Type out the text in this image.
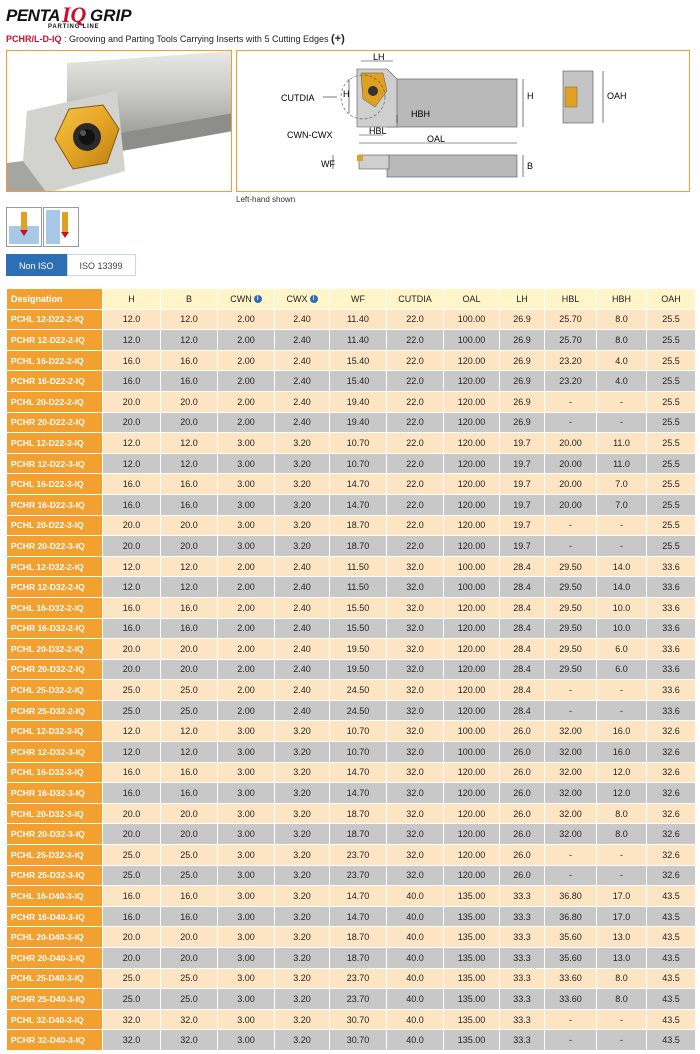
PENTA IQ GRIP
PARTING LINE
PCHR/L-D-IQ : Grooving and Parting Tools Carrying Inserts with 5 Cutting Edges (+)
LH
CUTDIA	H
HBH
CWN-CWX	HBL
OAL
H
WF	B
OAH
Left-hand shown
Non ISO	ISO 13399
Designation	H	B	CWN i	CWX i	WF	CUTDIA	OAL	LH	HBL	HBH	OAH
PCHL 12-D22-2-IQ	12.0	12.0	2.00	2.40	11.40	22.0	100.00	26.9	25.70	8.0	25.5
PCHR 12-D22-2-IQ	12.0	12.0	2.00	2.40	11.40	22.0	100.00	26.9	25.70	8.0	25.5
PCHL 16-D22-2-IQ	16.0	16.0	2.00	2.40	15.40	22.0	120.00	26.9	23.20	4.0	25.5
PCHR 16-D22-2-IQ	16.0	16.0	2.00	2.40	15.40	22.0	120.00	26.9	23.20	4.0	25.5
PCHL 20-D22-2-IQ	20.0	20.0	2.00	2.40	19.40	22.0	120.00	26.9	-	-	25.5
PCHR 20-D22-2-IQ	20.0	20.0	2.00	2.40	19.40	22.0	120.00	26.9	-	-	25.5
PCHL 12-D22-3-IQ	12.0	12.0	3.00	3.20	10.70	22.0	120.00	19.7	20.00	11.0	25.5
PCHR 12-D22-3-IQ	12.0	12.0	3.00	3.20	10.70	22.0	120.00	19.7	20.00	11.0	25.5
PCHL 16-D22-3-IQ	16.0	16.0	3.00	3.20	14.70	22.0	120.00	19.7	20.00	7.0	25.5
PCHR 16-D22-3-IQ	16.0	16.0	3.00	3.20	14.70	22.0	120.00	19.7	20.00	7.0	25.5
PCHL 20-D22-3-IQ	20.0	20.0	3.00	3.20	18.70	22.0	120.00	19.7	-	-	25.5
PCHR 20-D22-3-IQ	20.0	20.0	3.00	3.20	18.70	22.0	120.00	19.7	-	-	25.5
PCHL 12-D32-2-IQ	12.0	12.0	2.00	2.40	11.50	32.0	100.00	28.4	29.50	14.0	33.6
PCHR 12-D32-2-IQ	12.0	12.0	2.00	2.40	11.50	32.0	100.00	28.4	29.50	14.0	33.6
PCHL 16-D32-2-IQ	16.0	16.0	2.00	2.40	15.50	32.0	120.00	28.4	29.50	10.0	33.6
PCHR 16-D32-2-IQ	16.0	16.0	2.00	2.40	15.50	32.0	120.00	28.4	29.50	10.0	33.6
PCHL 20-D32-2-IQ	20.0	20.0	2.00	2.40	19.50	32.0	120.00	28.4	29.50	6.0	33.6
PCHR 20-D32-2-IQ	20.0	20.0	2.00	2.40	19.50	32.0	120.00	28.4	29.50	6.0	33.6
PCHL 25-D32-2-IQ	25.0	25.0	2.00	2.40	24.50	32.0	120.00	28.4	-	-	33.6
PCHR 25-D32-2-IQ	25.0	25.0	2.00	2.40	24.50	32.0	120.00	28.4	-	-	33.6
PCHL 12-D32-3-IQ	12.0	12.0	3.00	3.20	10.70	32.0	100.00	26.0	32.00	16.0	32.6
PCHR 12-D32-3-IQ	12.0	12.0	3.00	3.20	10.70	32.0	100.00	26.0	32.00	16.0	32.6
PCHL 16-D32-3-IQ	16.0	16.0	3.00	3.20	14.70	32.0	120.00	26.0	32.00	12.0	32.6
PCHR 16-D32-3-IQ	16.0	16.0	3.00	3.20	14.70	32.0	120.00	26.0	32.00	12.0	32.6
PCHL 20-D32-3-IQ	20.0	20.0	3.00	3.20	18.70	32.0	120.00	26.0	32.00	8.0	32.6
PCHR 20-D32-3-IQ	20.0	20.0	3.00	3.20	18.70	32.0	120.00	26.0	32.00	8.0	32.6
PCHL 25-D32-3-IQ	25.0	25.0	3.00	3.20	23.70	32.0	120.00	26.0	-	-	32.6
PCHR 25-D32-3-IQ	25.0	25.0	3.00	3.20	23.70	32.0	120.00	26.0	-	-	32.6
PCHL 16-D40-3-IQ	16.0	16.0	3.00	3.20	14.70	40.0	135.00	33.3	36.80	17.0	43.5
PCHR 16-D40-3-IQ	16.0	16.0	3.00	3.20	14.70	40.0	135.00	33.3	36.80	17.0	43.5
PCHL 20-D40-3-IQ	20.0	20.0	3.00	3.20	18.70	40.0	135.00	33.3	35.60	13.0	43.5
PCHR 20-D40-3-IQ	20.0	20.0	3.00	3.20	18.70	40.0	135.00	33.3	35.60	13.0	43.5
PCHL 25-D40-3-IQ	25.0	25.0	3.00	3.20	23.70	40.0	135.00	33.3	33.60	8.0	43.5
PCHR 25-D40-3-IQ	25.0	25.0	3.00	3.20	23.70	40.0	135.00	33.3	33.60	8.0	43.5
PCHL 32-D40-3-IQ	32.0	32.0	3.00	3.20	30.70	40.0	135.00	33.3	-	-	43.5
PCHR 32-D40-3-IQ	32.0	32.0	3.00	3.20	30.70	40.0	135.00	33.3	-	-	43.5
